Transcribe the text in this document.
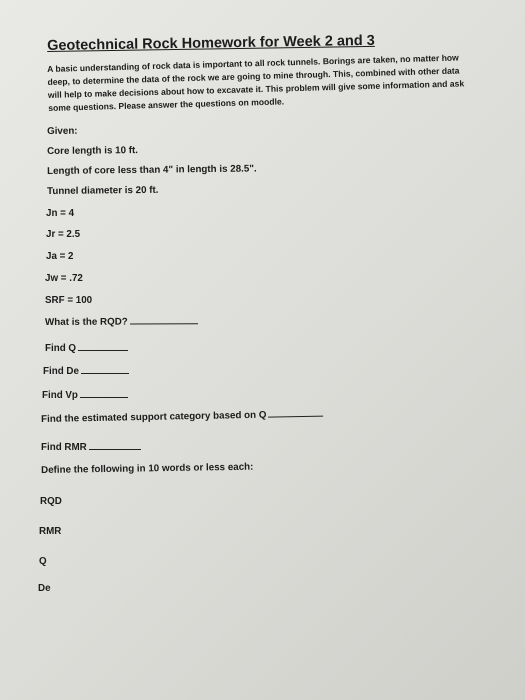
Geotechnical Rock Homework for Week 2 and 3
A basic understanding of rock data is important to all rock tunnels. Borings are taken, no matter how deep, to determine the data of the rock we are going to mine through. This, combined with other data will help to make decisions about how to excavate it. This problem will give some information and ask some questions. Please answer the questions on moodle.
Given:
Core length is 10 ft.
Length of core less than 4" in length is 28.5".
Tunnel diameter is 20 ft.
Jn = 4
Jr = 2.5
Ja = 2
Jw = .72
SRF = 100
What is the RQD?
Find Q
Find De
Find Vp
Find the estimated support category based on Q
Find RMR
Define the following in 10 words or less each:
RQD
RMR
Q
De
